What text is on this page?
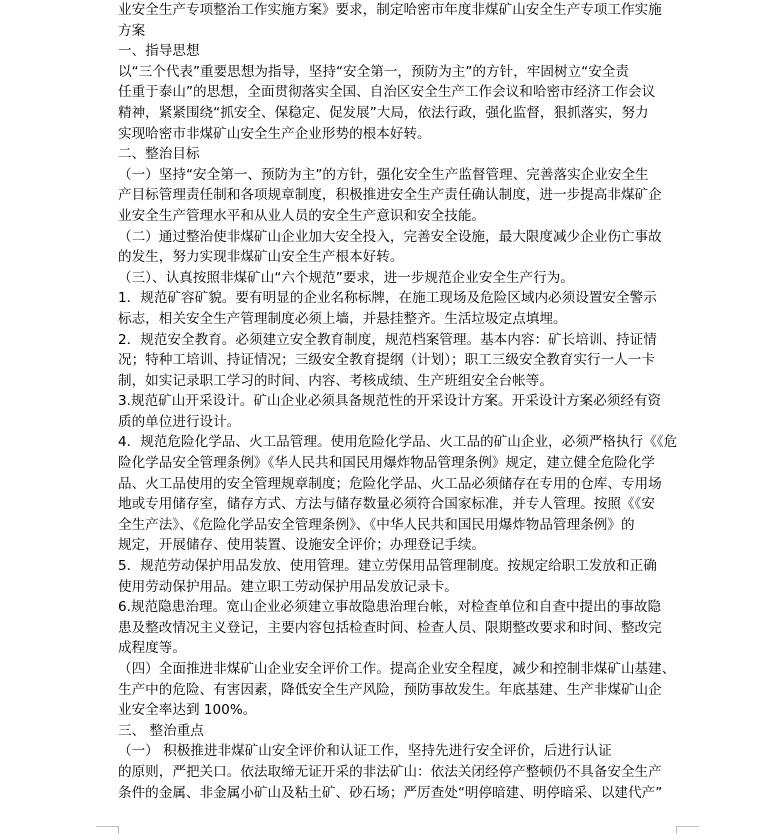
业安全生产专项整治工作实施方案》要求，制定哈密市年度非煤矿山安全生产专项工作实施

方案

一、指导思想

以“三个代表”重要思想为指导，坚持“安全第一，预防为主”的方针，牢固树立“安全责

任重于泰山”的思想，全面贯彻落实全国、自治区安全生产工作会议和哈密市经济工作会议

精神，紧紧围绕“抓安全、保稳定、促发展”大局，依法行政，强化监督，狠抓落实，努力

实现哈密市非煤矿山安全生产企业形势的根本好转。

二、整治目标

（一）坚持“安全第一、预防为主”的方针，强化安全生产监督管理、完善落实企业安全生

产目标管理责任制和各项规章制度，积极推进安全生产责任确认制度，进一步提高非煤矿企

业安全生产管理水平和从业人员的安全生产意识和安全技能。

（二）通过整治使非煤矿山企业加大安全投入，完善安全设施，最大限度减少企业伤亡事故

的发生，努力实现非煤矿山安全生产根本好转。

（三）、认真按照非煤矿山“六个规范”要求，进一步规范企业安全生产行为。

1．规范矿容矿貌。要有明显的企业名称标牌，在施工现场及危险区域内必须设置安全警示

标志，相关安全生产管理制度必须上墙，并悬挂整齐。生活垃圾定点填埋。

2．规范安全教育。必须建立安全教育制度，规范档案管理。基本内容：矿长培训、持证情

况；特种工培训、持证情况；三级安全教育提纲（计划）；职工三级安全教育实行一人一卡

制，如实记录职工学习的时间、内容、考核成绩、生产班组安全台帐等。

3.规范矿山开采设计。矿山企业必须具备规范性的开采设计方案。开采设计方案必须经有资

质的单位进行设计。

4．规范危险化学品、火工品管理。使用危险化学品、火工品的矿山企业，必须严格执行《《危

险化学品安全管理条例》《华人民共和国民用爆炸物品管理条例》规定，建立健全危险化学

品、火工品使用的安全管理规章制度；危险化学品、火工品必须储存在专用的仓库、专用场

地或专用储存室，储存方式、方法与储存数量必须符合国家标准，并专人管理。按照《《安

全生产法》、《危险化学品安全管理条例》、《中华人民共和国民用爆炸物品管理条例》的

规定，开展储存、使用装置、设施安全评价；办理登记手续。

5．规范劳动保护用品发放、使用管理。建立劳保用品管理制度。按规定给职工发放和正确

使用劳动保护用品。建立职工劳动保护用品发放记录卡。

6.规范隐患治理。宽山企业必须建立事故隐患治理台帐，对检查单位和自查中提出的事故隐

患及整改情况主义登记，主要内容包括检查时间、检查人员、限期整改要求和时间、整改完

成程度等。

（四）全面推进非煤矿山企业安全评价工作。提高企业安全程度，减少和控制非煤矿山基建、

生产中的危险、有害因素，降低安全生产风险，预防事故发生。年底基建、生产非煤矿山企

业安全率达到 100%。

三、 整治重点

（一） 积极推进非煤矿山安全评价和认证工作，坚持先进行安全评价，后进行认证

的原则，严把关口。依法取缔无证开采的非法矿山：依法关闭经停产整顿仍不具备安全生产

条件的金属、非金属小矿山及粘土矿、砂石场；严厉查处“明停暗建、明停暗采、以建代产”
